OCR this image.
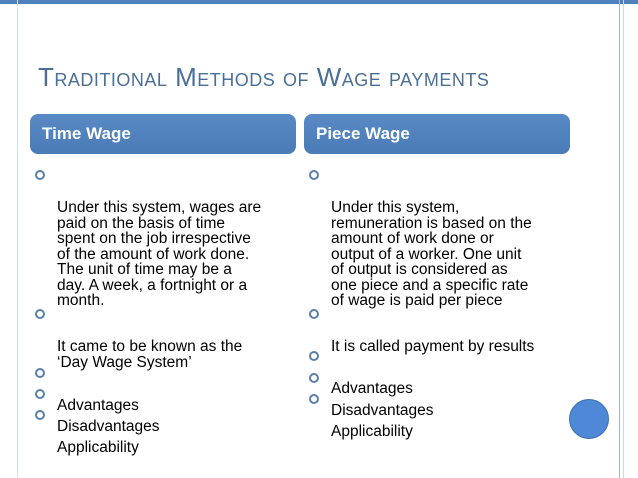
Traditional Methods of Wage payments
Time Wage	Piece Wage

Under this system, wages are
paid on the basis of time
spent on the job irrespective
of the amount of work done.
The unit of time may be a
day. A week, a fortnight or a
month.

It came to be known as the
‘Day Wage System’

Advantages

Disadvantages

Applicability

Under this system,
remuneration is based on the
amount of work done or
output of a worker. One unit
of output is considered as
one piece and a specific rate
of wage is paid per piece

It is called payment by results

Advantages

Disadvantages

Applicability
